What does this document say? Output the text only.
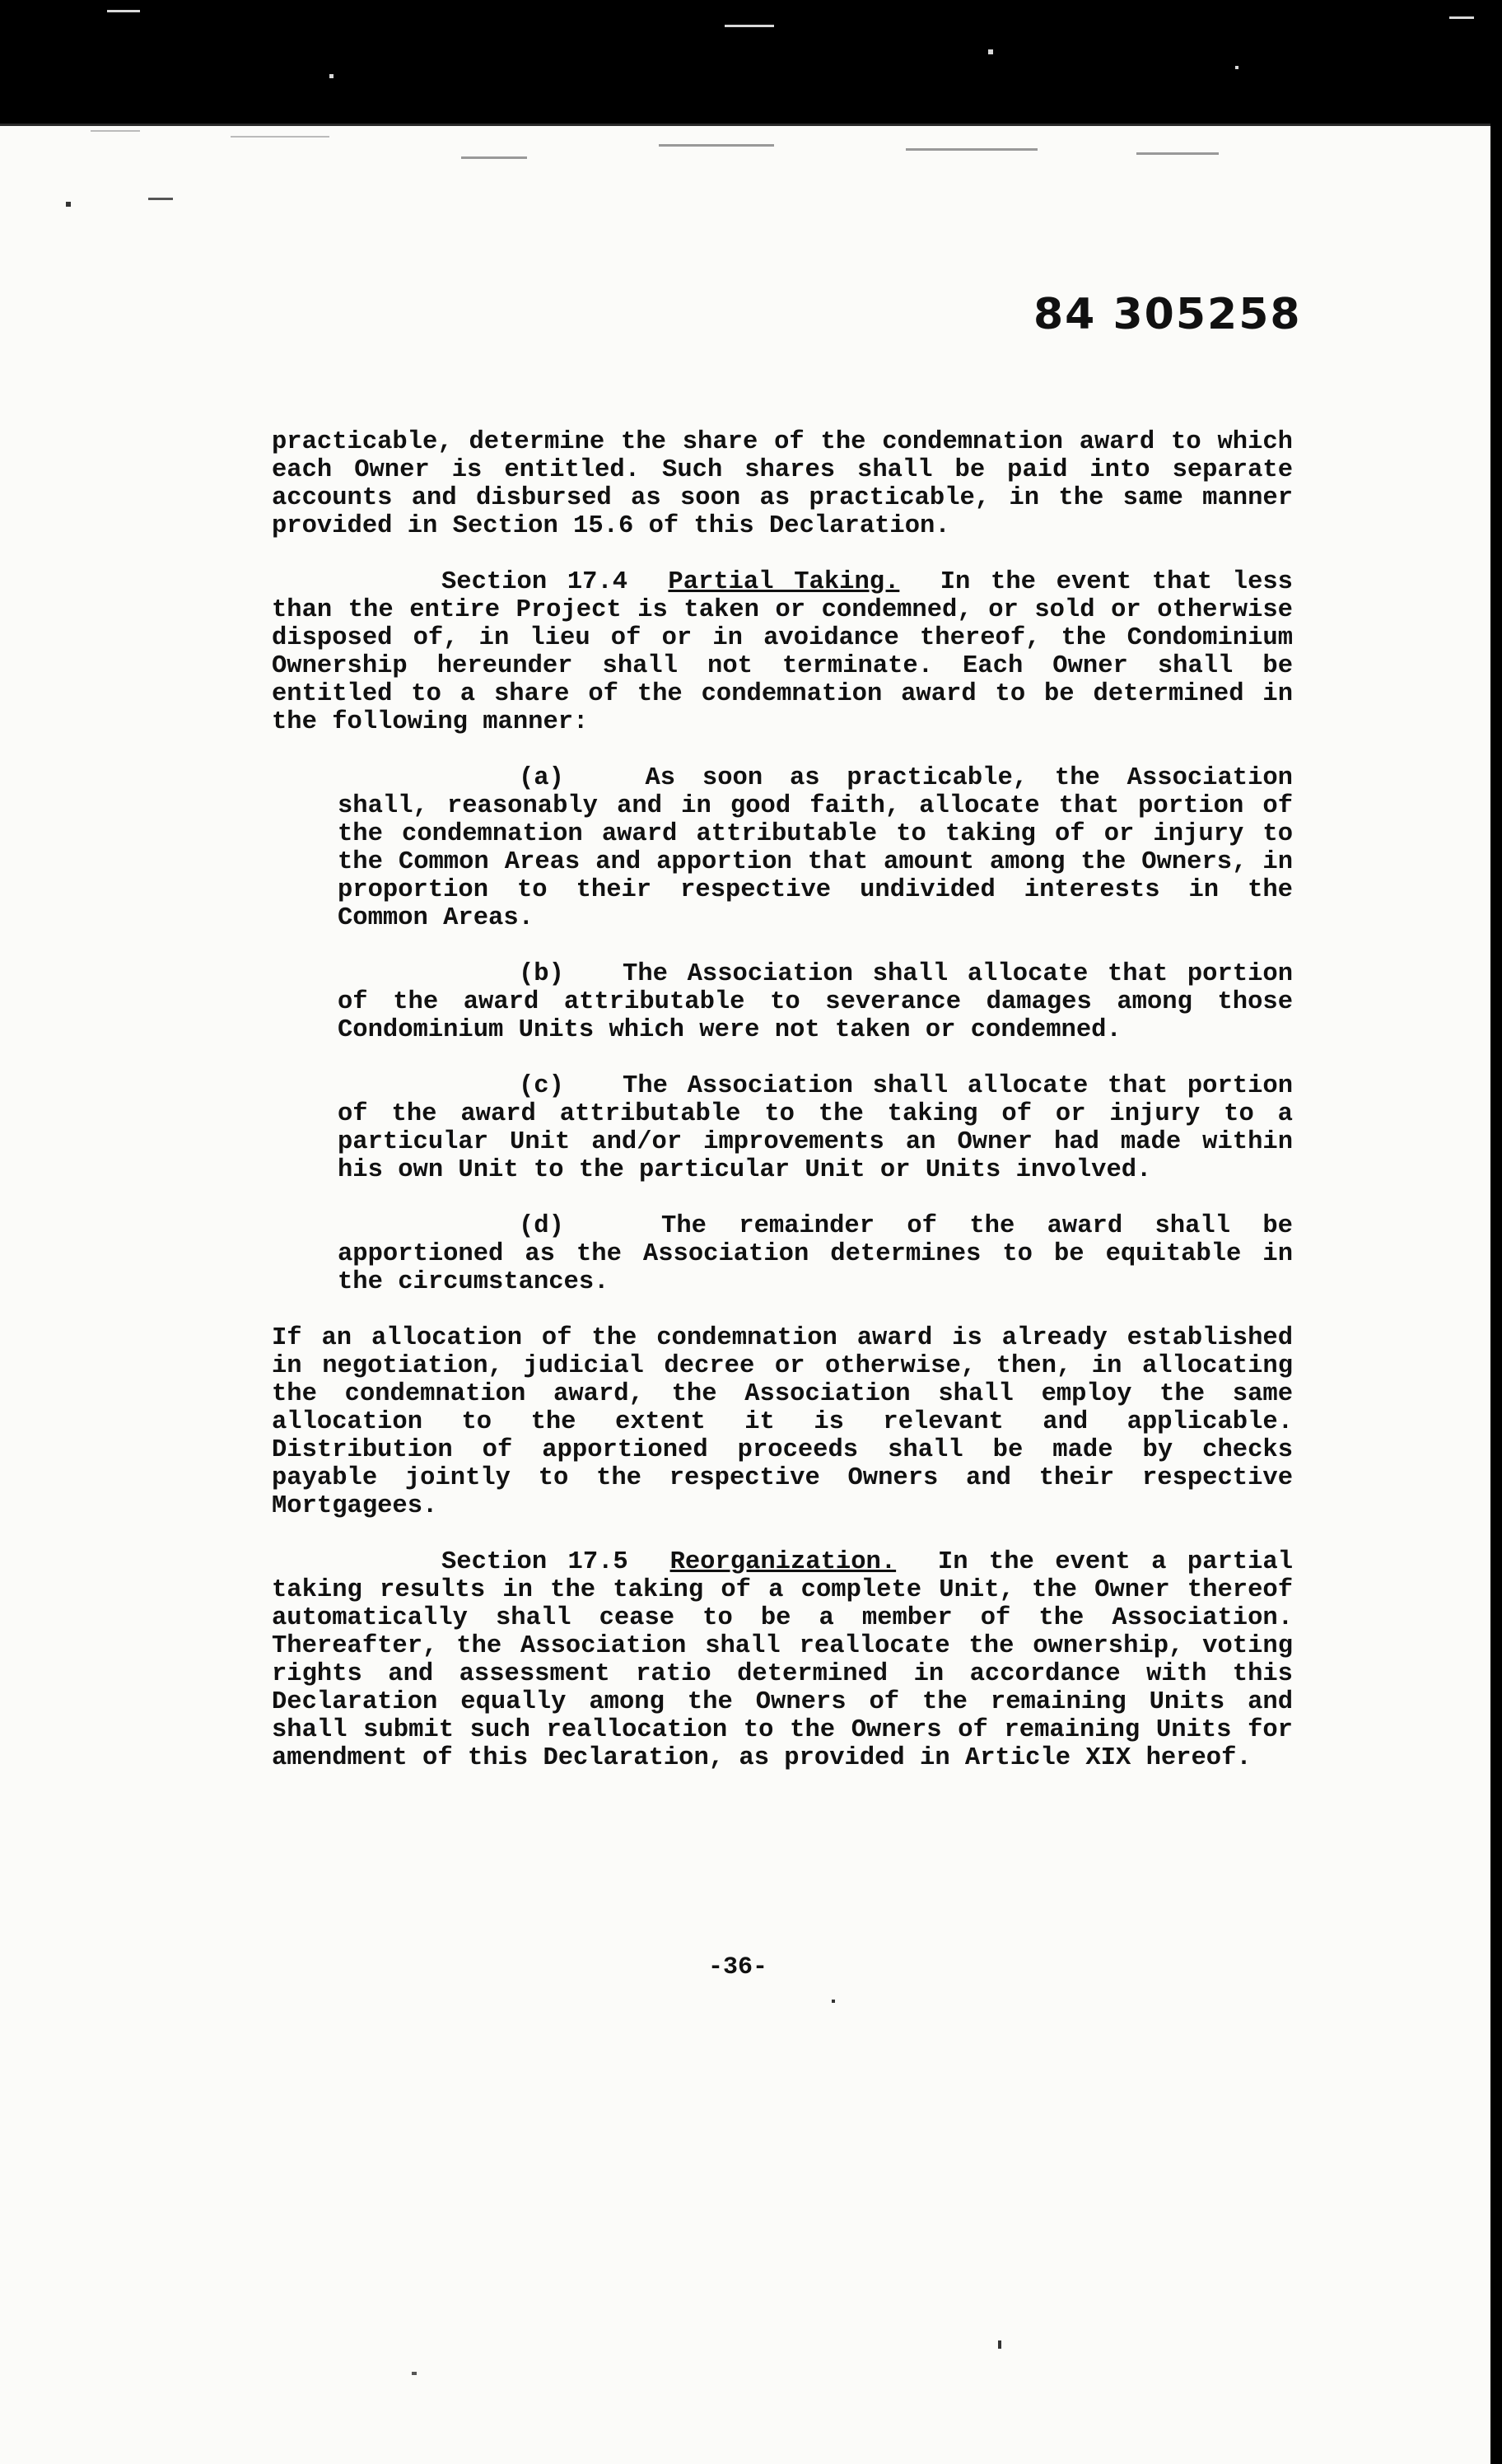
84 305258

practicable, determine the share of the condemnation award to which each Owner is entitled. Such shares shall be paid into separate accounts and disbursed as soon as practicable, in the same manner provided in Section 15.6 of this Declaration.

Section 17.4 Partial Taking. In the event that less than the entire Project is taken or condemned, or sold or otherwise disposed of, in lieu of or in avoidance thereof, the Condominium Ownership hereunder shall not terminate. Each Owner shall be entitled to a share of the condemnation award to be determined in the following manner:

(a)	As soon as practicable, the Association shall, reasonably and in good faith, allocate that portion of the condemnation award attributable to taking of or injury to the Common Areas and apportion that amount among the Owners, in proportion to their respective undivided interests in the Common Areas.

(b) The Association shall allocate that portion of the award attributable to severance damages among those Condominium Units which were not taken or condemned.

(c) The Association shall allocate that portion of the award attributable to the taking of or injury to a particular Unit and/or improvements an Owner had made within his own Unit to the particular Unit or Units involved.

(d)	The remainder of the award shall be apportioned as the Association determines to be equitable in the circumstances.

If an allocation of the condemnation award is already established in negotiation, judicial decree or otherwise, then, in allocating the condemnation award, the Association shall employ the same allocation to the extent it is relevant and applicable. Distribution of apportioned proceeds shall be made by checks payable jointly to the respective Owners and their respective Mortgagees.

Section 17.5 Reorganization. In the event a partial taking results in the taking of a complete Unit, the Owner thereof automatically shall cease to be a member of the Association. Thereafter, the Association shall reallocate the ownership, voting rights and assessment ratio determined in accordance with this Declaration equally among the Owners of the remaining Units and shall submit such reallocation to the Owners of remaining Units for amendment of this Declaration, as provided in Article XIX hereof.

-36-
